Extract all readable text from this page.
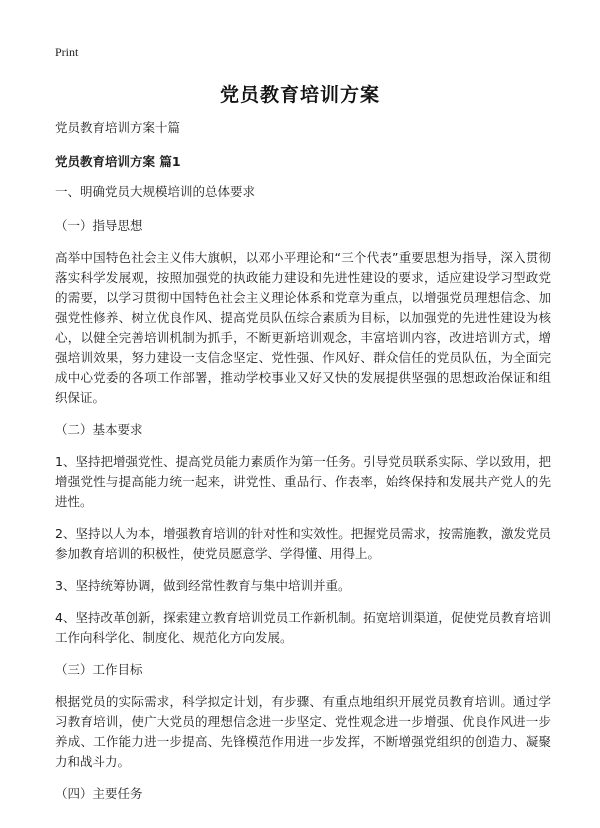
Print
党员教育培训方案

党员教育培训方案十篇

党员教育培训方案 篇1

一、明确党员大规模培训的总体要求

（一）指导思想

高举中国特色社会主义伟大旗帜，以邓小平理论和“三个代表”重要思想为指导，深入贯彻落实科学发展观，按照加强党的执政能力建设和先进性建设的要求，适应建设学习型政党的需要，以学习贯彻中国特色社会主义理论体系和党章为重点，以增强党员理想信念、加强党性修养、树立优良作风、提高党员队伍综合素质为目标，以加强党的先进性建设为核心，以健全完善培训机制为抓手，不断更新培训观念，丰富培训内容，改进培训方式，增强培训效果，努力建设一支信念坚定、党性强、作风好、群众信任的党员队伍，为全面完成中心党委的各项工作部署，推动学校事业又好又快的发展提供坚强的思想政治保证和组织保证。

（二）基本要求

1、坚持把增强党性、提高党员能力素质作为第一任务。引导党员联系实际、学以致用，把增强党性与提高能力统一起来，讲党性、重品行、作表率，始终保持和发展共产党人的先进性。

2、坚持以人为本，增强教育培训的针对性和实效性。把握党员需求，按需施教，激发党员参加教育培训的积极性，使党员愿意学、学得懂、用得上。

3、坚持统筹协调，做到经常性教育与集中培训并重。

4、坚持改革创新，探索建立教育培训党员工作新机制。拓宽培训渠道，促使党员教育培训工作向科学化、制度化、规范化方向发展。

（三）工作目标

根据党员的实际需求，科学拟定计划，有步骤、有重点地组织开展党员教育培训。通过学习教育培训，使广大党员的理想信念进一步坚定、党性观念进一步增强、优良作风进一步养成、工作能力进一步提高、先锋模范作用进一步发挥，不断增强党组织的创造力、凝聚力和战斗力。

（四）主要任务
